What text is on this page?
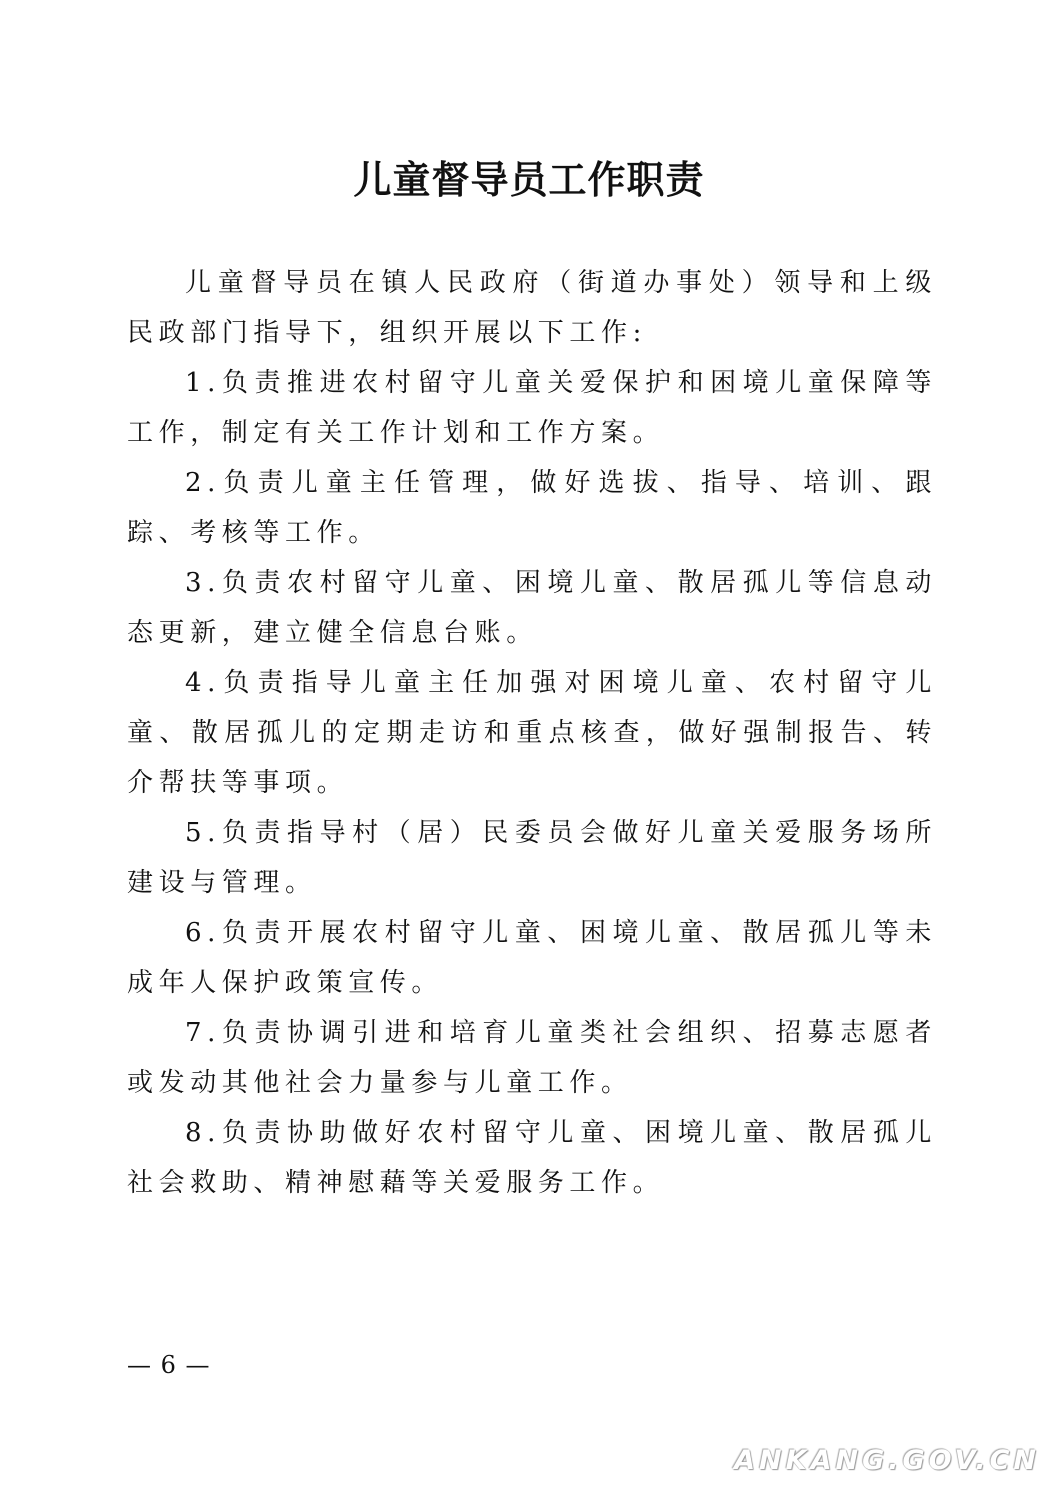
儿童督导员工作职责

儿童督导员在镇人民政府（街道办事处）领导和上级民政部门指导下，组织开展以下工作:

1.负责推进农村留守儿童关爱保护和困境儿童保障等工作，制定有关工作计划和工作方案。

2.负责儿童主任管理，做好选拔、指导、培训、跟踪、考核等工作。

3.负责农村留守儿童、困境儿童、散居孤儿等信息动态更新，建立健全信息台账。

4.负责指导儿童主任加强对困境儿童、农村留守儿童、散居孤儿的定期走访和重点核查，做好强制报告、转介帮扶等事项。

5.负责指导村（居）民委员会做好儿童关爱服务场所建设与管理。

6.负责开展农村留守儿童、困境儿童、散居孤儿等未成年人保护政策宣传。

7.负责协调引进和培育儿童类社会组织、招募志愿者或发动其他社会力量参与儿童工作。

8.负责协助做好农村留守儿童、困境儿童、散居孤儿社会救助、精神慰藉等关爱服务工作。

— 6 —
ANKANG.GOV.CN
